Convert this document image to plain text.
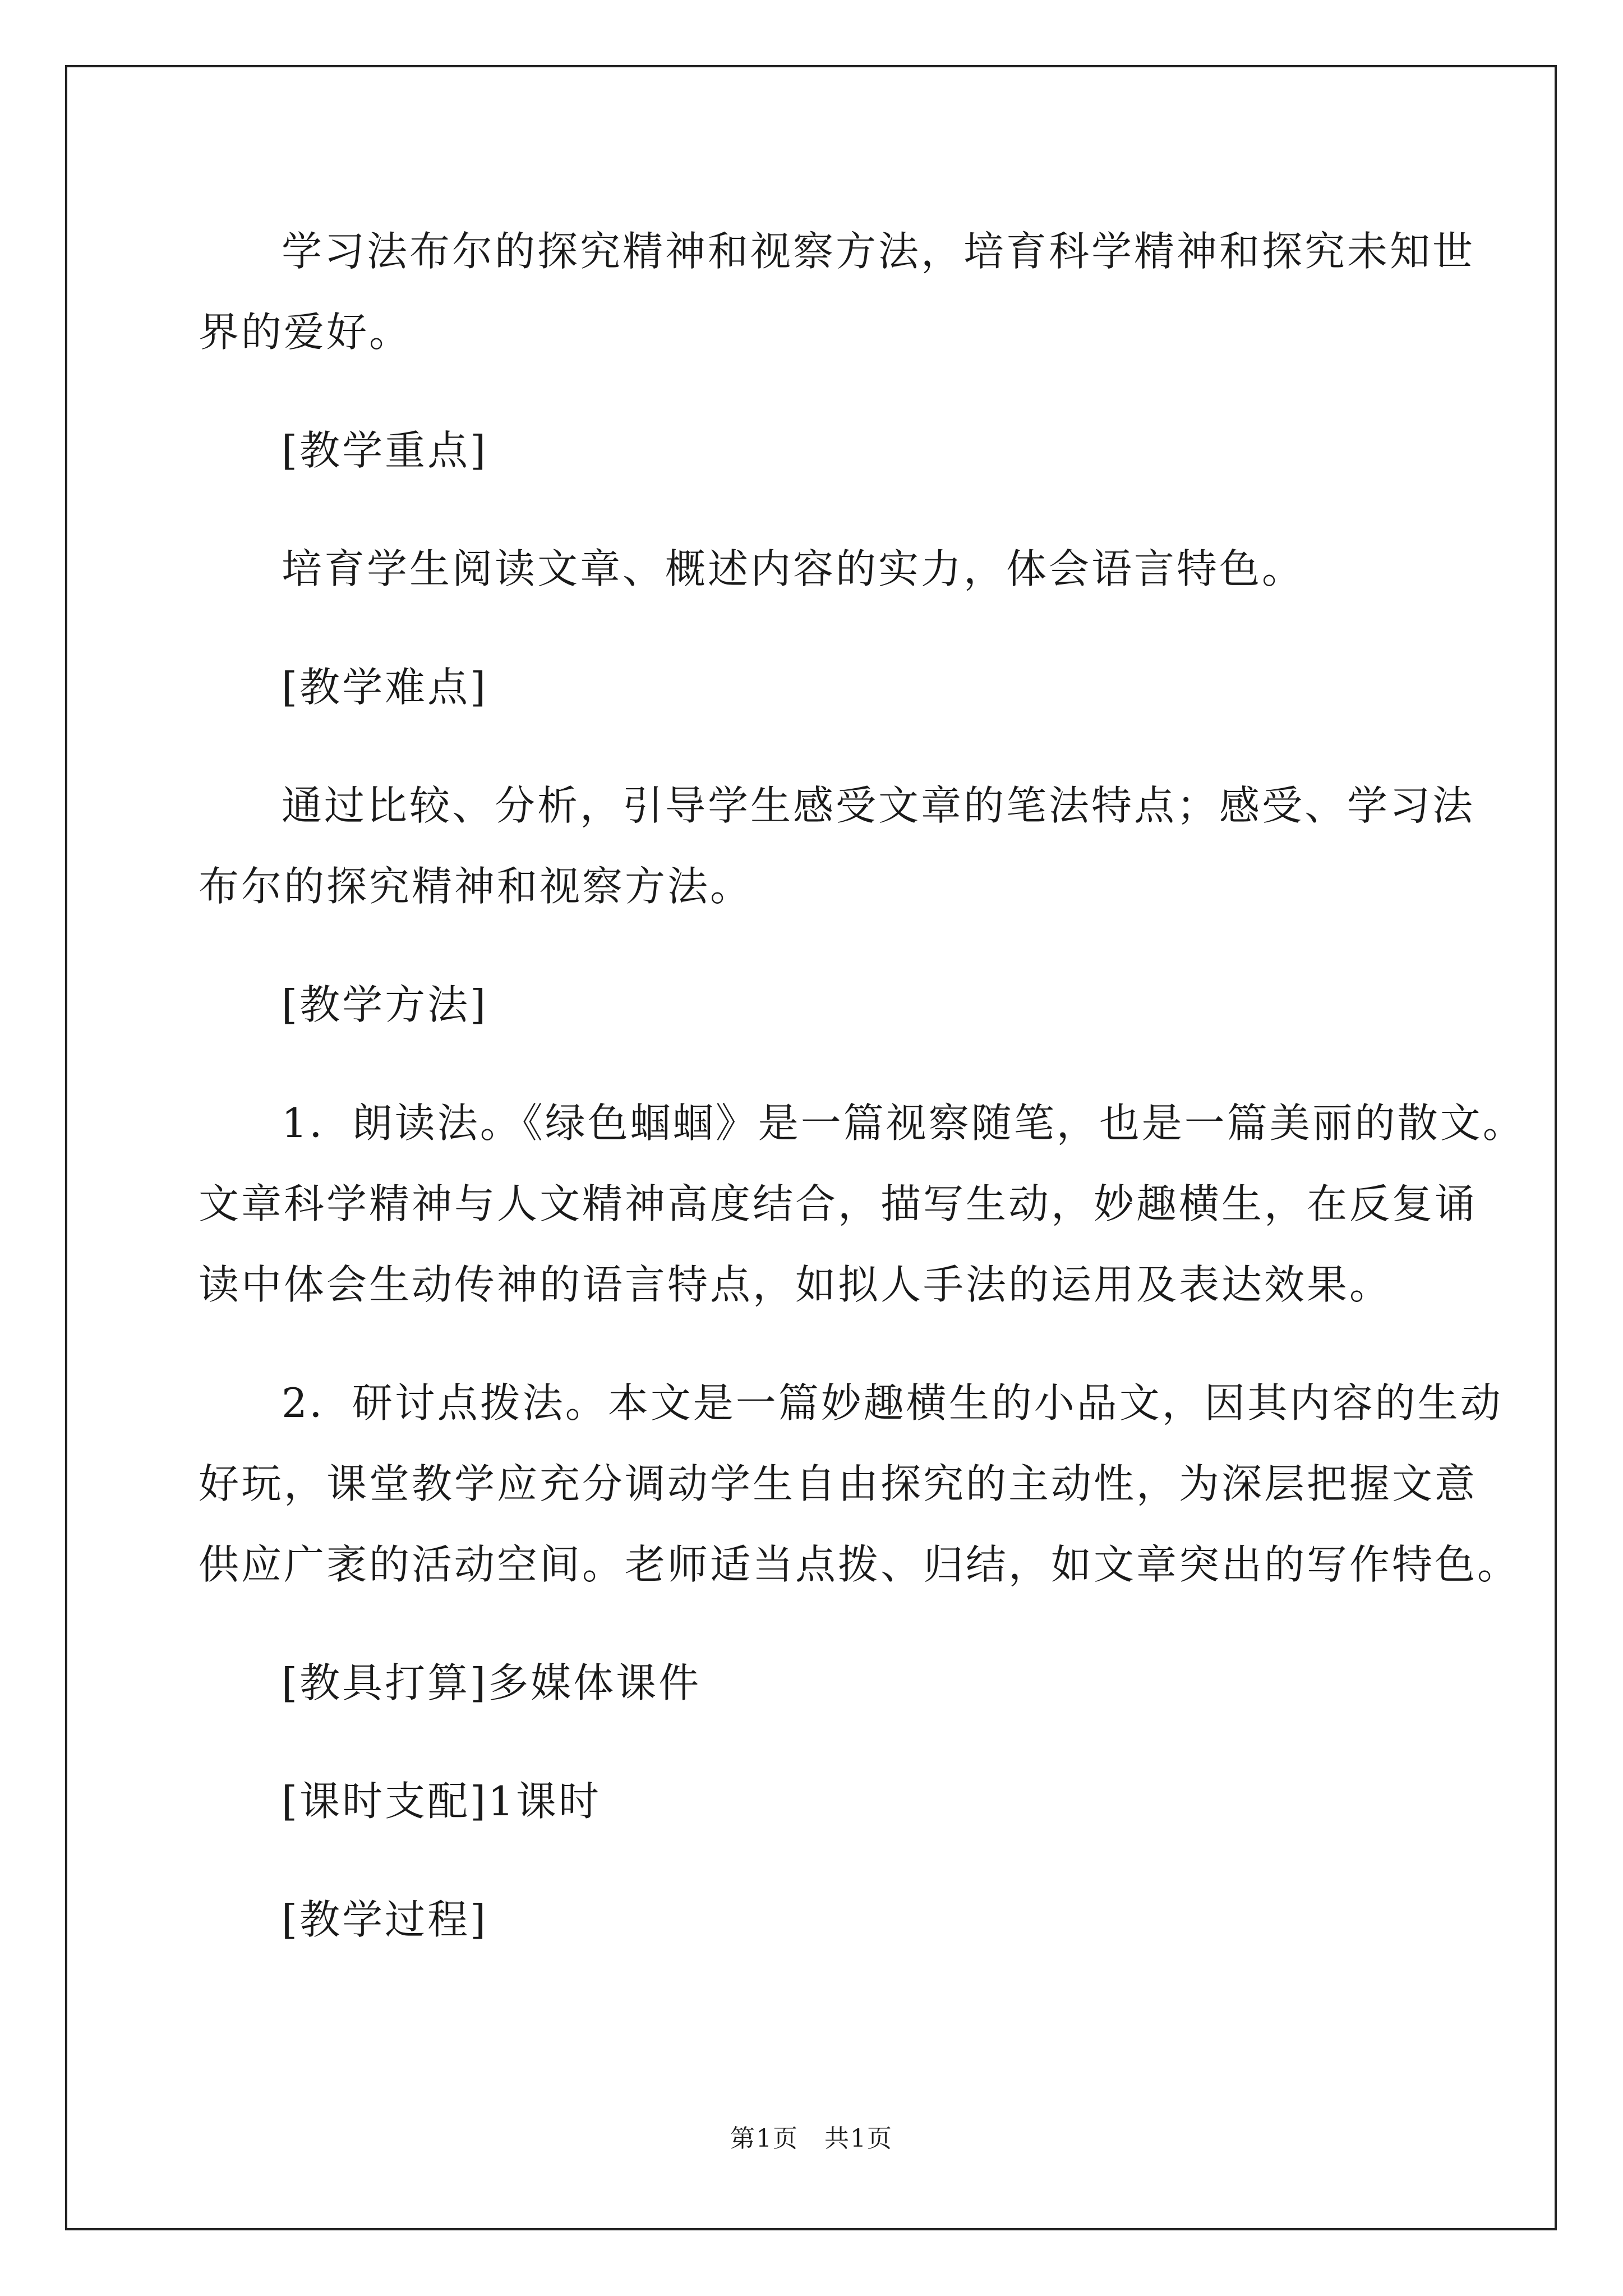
学习法布尔的探究精神和视察方法，培育科学精神和探究未知世
界的爱好。
[教学重点]
培育学生阅读文章、概述内容的实力，体会语言特色。
[教学难点]
通过比较、分析，引导学生感受文章的笔法特点；感受、学习法
布尔的探究精神和视察方法。
[教学方法]
1．朗读法。《绿色蝈蝈》是一篇视察随笔，也是一篇美丽的散文。
文章科学精神与人文精神高度结合，描写生动，妙趣横生，在反复诵
读中体会生动传神的语言特点，如拟人手法的运用及表达效果。
2．研讨点拨法。本文是一篇妙趣横生的小品文，因其内容的生动
好玩，课堂教学应充分调动学生自由探究的主动性，为深层把握文意
供应广袤的活动空间。老师适当点拨、归结，如文章突出的写作特色。
[教具打算]多媒体课件
[课时支配]1课时
[教学过程]
第1页 共1页
